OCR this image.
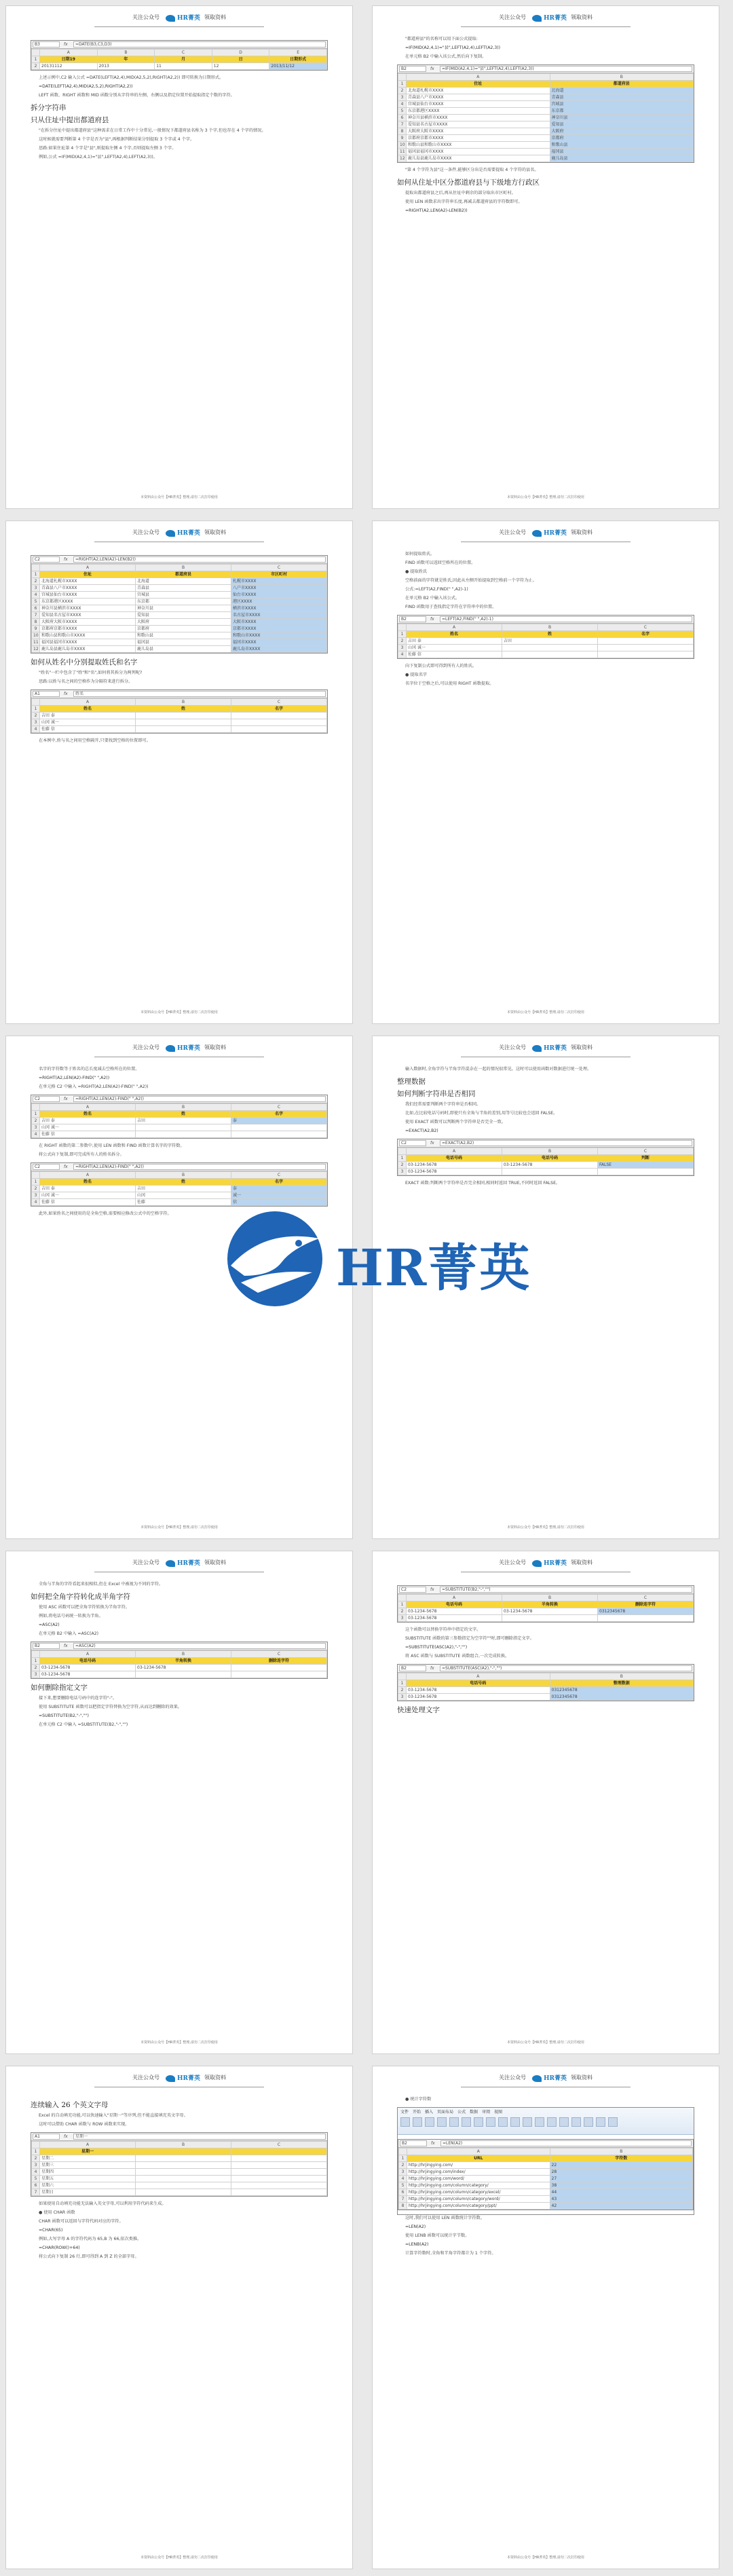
关注公众号	HR菁英 领取资料
B3	fx	=DATE(B3,C3,D3)
	A	B	C	D	E
1	日期19	年	月	日	日期形式
2	20131112	2013	11	12	2013/11/12

上述示例中,C2 输入公式 =DATE(LEFT(A2,4),MID(A2,5,2),RIGHT(A2,2)) 即可转换为日期形式。

=DATE(LEFT(A2,4),MID(A2,5,2),RIGHT(A2,2))

LEFT 函数、RIGHT 函数和 MID 函数分别从字符串的左侧、右侧以及指定位置开始提取指定个数的字符。

拆分字符串
只从住址中提出都道府县

"在拆分住址中提出都道府县"这种需求在日常工作中十分常见,一般情况下都道府县名称为 3 个字,但也存在 4 个字的情况。

这时候就需要判断第 4 个字是否为"县",再根据判断结果分别提取 3 个字或 4 个字。

思路:如果住址第 4 个字是"县",则提取左侧 4 个字,否则提取左侧 3 个字。

例如,公式 =IF(MID(A2,4,1)="县",LEFT(A2,4),LEFT(A2,3))。

本资料由公众号【HR菁英】整理,请勿二次打印使用
关注公众号	HR菁英 领取资料

"都道府县"的名称可以用下面公式提取:

=IF(MID(A2,4,1)="县",LEFT(A2,4),LEFT(A2,3))

在单元格 B2 中输入该公式,然后向下复制。

B2	fx	=IF(MID(A2,4,1)="县",LEFT(A2,4),LEFT(A2,3))
	A	B
1	住址	都道府县
2	北海道札幌市XXXX	北海道
3	青森县八户市XXXX	青森县
4	宫城县仙台市XXXX	宫城县
5	东京都港区XXXX	东京都
6	神奈川县横滨市XXXX	神奈川县
7	爱知县名古屋市XXXX	爱知县
8	大阪府大阪市XXXX	大阪府
9	京都府京都市XXXX	京都府
10	和歌山县和歌山市XXXX	和歌山县
11	福冈县福冈市XXXX	福冈县
12	鹿儿岛县鹿儿岛市XXXX	鹿儿岛县

"第 4 个字符为县"这一条件,能够区分出是否需要提取 4 个字符的县名。

如何从住址中区分都道府县与下级地方行政区

提取出都道府县之后,再从住址中剩余的部分取出市区町村。

使用 LEN 函数求出字符串长度,再减去都道府县的字符数即可。

=RIGHT(A2,LEN(A2)-LEN(B2))

本资料由公众号【HR菁英】整理,请勿二次打印使用
关注公众号	HR菁英 领取资料
C2	fx	=RIGHT(A2,LEN(A2)-LEN(B2))
	A	B	C
1	住址	都道府县	市区町村
2	北海道札幌市XXXX	北海道	札幌市XXXX
3	青森县八户市XXXX	青森县	八户市XXXX
4	宫城县仙台市XXXX	宫城县	仙台市XXXX
5	东京都港区XXXX	东京都	港区XXXX
6	神奈川县横滨市XXXX	神奈川县	横滨市XXXX
7	爱知县名古屋市XXXX	爱知县	名古屋市XXXX
8	大阪府大阪市XXXX	大阪府	大阪市XXXX
9	京都府京都市XXXX	京都府	京都市XXXX
10	和歌山县和歌山市XXXX	和歌山县	和歌山市XXXX
11	福冈县福冈市XXXX	福冈县	福冈市XXXX
12	鹿儿岛县鹿儿岛市XXXX	鹿儿岛县	鹿儿岛市XXXX
如何从姓名中分别提取姓氏和名字

"姓名"一栏中包含了"姓"和"名",如何将其拆分为两列呢?

思路:以姓与名之间的空格作为分隔符来进行拆分。

A1	fx	姓名
	A	B	C
1	姓名	姓	名字
2	吉田 泰		
3	山冈 诚一		
4	佐藤 信		

在本例中,姓与名之间用空格隔开,只要找到空格的位置即可。

本资料由公众号【HR菁英】整理,请勿二次打印使用
关注公众号	HR菁英 领取资料

如何提取姓氏。

FIND 函数可以返回空格所在的位置。

● 提取姓氏

空格前面的字符就是姓氏,因此从左侧开始提取到空格前一个字符为止。

公式:=LEFT(A2,FIND(" ",A2)-1)

在单元格 B2 中输入该公式。

FIND 函数用于查找指定字符在字符串中的位置。

B2	fx	=LEFT(A2,FIND(" ",A2)-1)
	A	B	C
1	姓名	姓	名字
2	吉田 泰	吉田	
3	山冈 诚一		
4	佐藤 信		

向下复制公式即可得到所有人的姓氏。

● 提取名字

名字位于空格之后,可以使用 RIGHT 函数提取。

本资料由公众号【HR菁英】整理,请勿二次打印使用
关注公众号	HR菁英 领取资料

名字的字符数等于姓名的总长度减去空格所在的位置。

=RIGHT(A2,LEN(A2)-FIND(" ",A2))

在单元格 C2 中输入 =RIGHT(A2,LEN(A2)-FIND(" ",A2))

C2	fx	=RIGHT(A2,LEN(A2)-FIND(" ",A2))
	A	B	C
1	姓名	姓	名字
2	吉田 泰	吉田	泰
3	山冈 诚一		
4	佐藤 信		

在 RIGHT 函数的第二参数中,使用 LEN 函数和 FIND 函数计算名字的字符数。

将公式向下复制,即可完成所有人的姓名拆分。

C2	fx	=RIGHT(A2,LEN(A2)-FIND(" ",A2))
	A	B	C
1	姓名	姓	名字
2	吉田 泰	吉田	泰
3	山冈 诚一	山冈	诚一
4	佐藤 信	佐藤	信

此外,如果姓名之间使用的是全角空格,需要相应修改公式中的空格字符。

本资料由公众号【HR菁英】整理,请勿二次打印使用
关注公众号	HR菁英 领取资料

输入数据时,全角字符与半角字符混杂在一起的情况很常见。这时可以使用函数对数据进行统一处理。

整理数据
如何判断字符串是否相同

我们经常需要判断两个字符串是否相同。

比如,在比较电话号码时,即使只有全角与半角的差别,用等号比较也会返回 FALSE。

使用 EXACT 函数可以判断两个字符串是否完全一致。

=EXACT(A2,B2)

C2	fx	=EXACT(A2,B2)
	A	B	C
1	电话号码	电话号码	判断
2	03-1234-5678	03-1234-5678	FALSE
3	03-1234-5678		

EXACT 函数:判断两个字符串是否完全相同,相同时返回 TRUE,不同时返回 FALSE。

本资料由公众号【HR菁英】整理,请勿二次打印使用
关注公众号	HR菁英 领取资料

全角与半角的字符看起来很相似,但在 Excel 中被视为不同的字符。

如何把全角字符转化成半角字符

使用 ASC 函数可以把全角字符转换为半角字符。

例如,将电话号码统一转换为半角。

=ASC(A2)

在单元格 B2 中输入 =ASC(A2)

B2	fx	=ASC(A2)
	A	B	C
1	电话号码	半角转换	删除连字符
2	03-1234-5678	03-1234-5678	
3	03-1234-5678		
如何删除指定文字

接下来,想要删除电话号码中的连字符"-"。

使用 SUBSTITUTE 函数可以把指定字符替换为空字符,从而达到删除的效果。

=SUBSTITUTE(B2,"-","")

在单元格 C2 中输入 =SUBSTITUTE(B2,"-","")

本资料由公众号【HR菁英】整理,请勿二次打印使用
关注公众号	HR菁英 领取资料
C2	fx	=SUBSTITUTE(B2,"-","")
	A	B	C
1	电话号码	半角转换	删除连字符
2	03-1234-5678	03-1234-5678	0312345678
3	03-1234-5678		

这个函数可以替换字符串中指定的文字。

SUBSTITUTE 函数的第三参数指定为空字符""时,即可删除指定文字。

=SUBSTITUTE(ASC(A2),"-","")

将 ASC 函数与 SUBSTITUTE 函数组合,一次完成转换。

B2	fx	=SUBSTITUTE(ASC(A2),"-","")
	A	B
1	电话号码	整理数据
2	03-1234-5678	0312345678
3	03-1234-5678	0312345678
快速处理文字
本资料由公众号【HR菁英】整理,请勿二次打印使用
关注公众号	HR菁英 领取资料
连续输入 26 个英文字母

Excel 的自动填充功能,可以快速输入"星期一"等序列,但不能直接填充英文字母。

这时可以借助 CHAR 函数与 ROW 函数来实现。

A1	fx	星期一
	A	B	C
1	星期一		
2	星期二		
3	星期三		
4	星期四		
5	星期五		
6	星期六		
7	星期日		

如果使用自动填充功能无法输入英文字母,可以利用字符代码来生成。

● 使用 CHAR 函数

CHAR 函数可以返回与字符代码对应的字符。

=CHAR(65)

例如,大写字母 A 的字符代码为 65,B 为 66,依次类推。

=CHAR(ROW()+64)

将公式向下复制 26 行,即可得到 A 到 Z 的全部字母。

本资料由公众号【HR菁英】整理,请勿二次打印使用
关注公众号	HR菁英 领取资料

● 统计字符数

文件 开始 插入 页面布局 公式 数据 审阅 视图
B2	fx	=LEN(A2)
	A	B
1	URL	字符数
2	http://hrjingying.com/	22
3	http://hrjingying.com/index/	28
4	http://hrjingying.com/word/	27
5	http://hrjingying.com/column/category/	38
6	http://hrjingying.com/column/category/excel/	44
7	http://hrjingying.com/column/category/word/	43
8	http://hrjingying.com/column/category/ppt/	42

这时,我们可以使用 LEN 函数统计字符数。

=LEN(A2)

使用 LENB 函数可以统计字节数。

=LENB(A2)

计算字符数时,全角和半角字符都计为 1 个字符。

本资料由公众号【HR菁英】整理,请勿二次打印使用
HR菁英
